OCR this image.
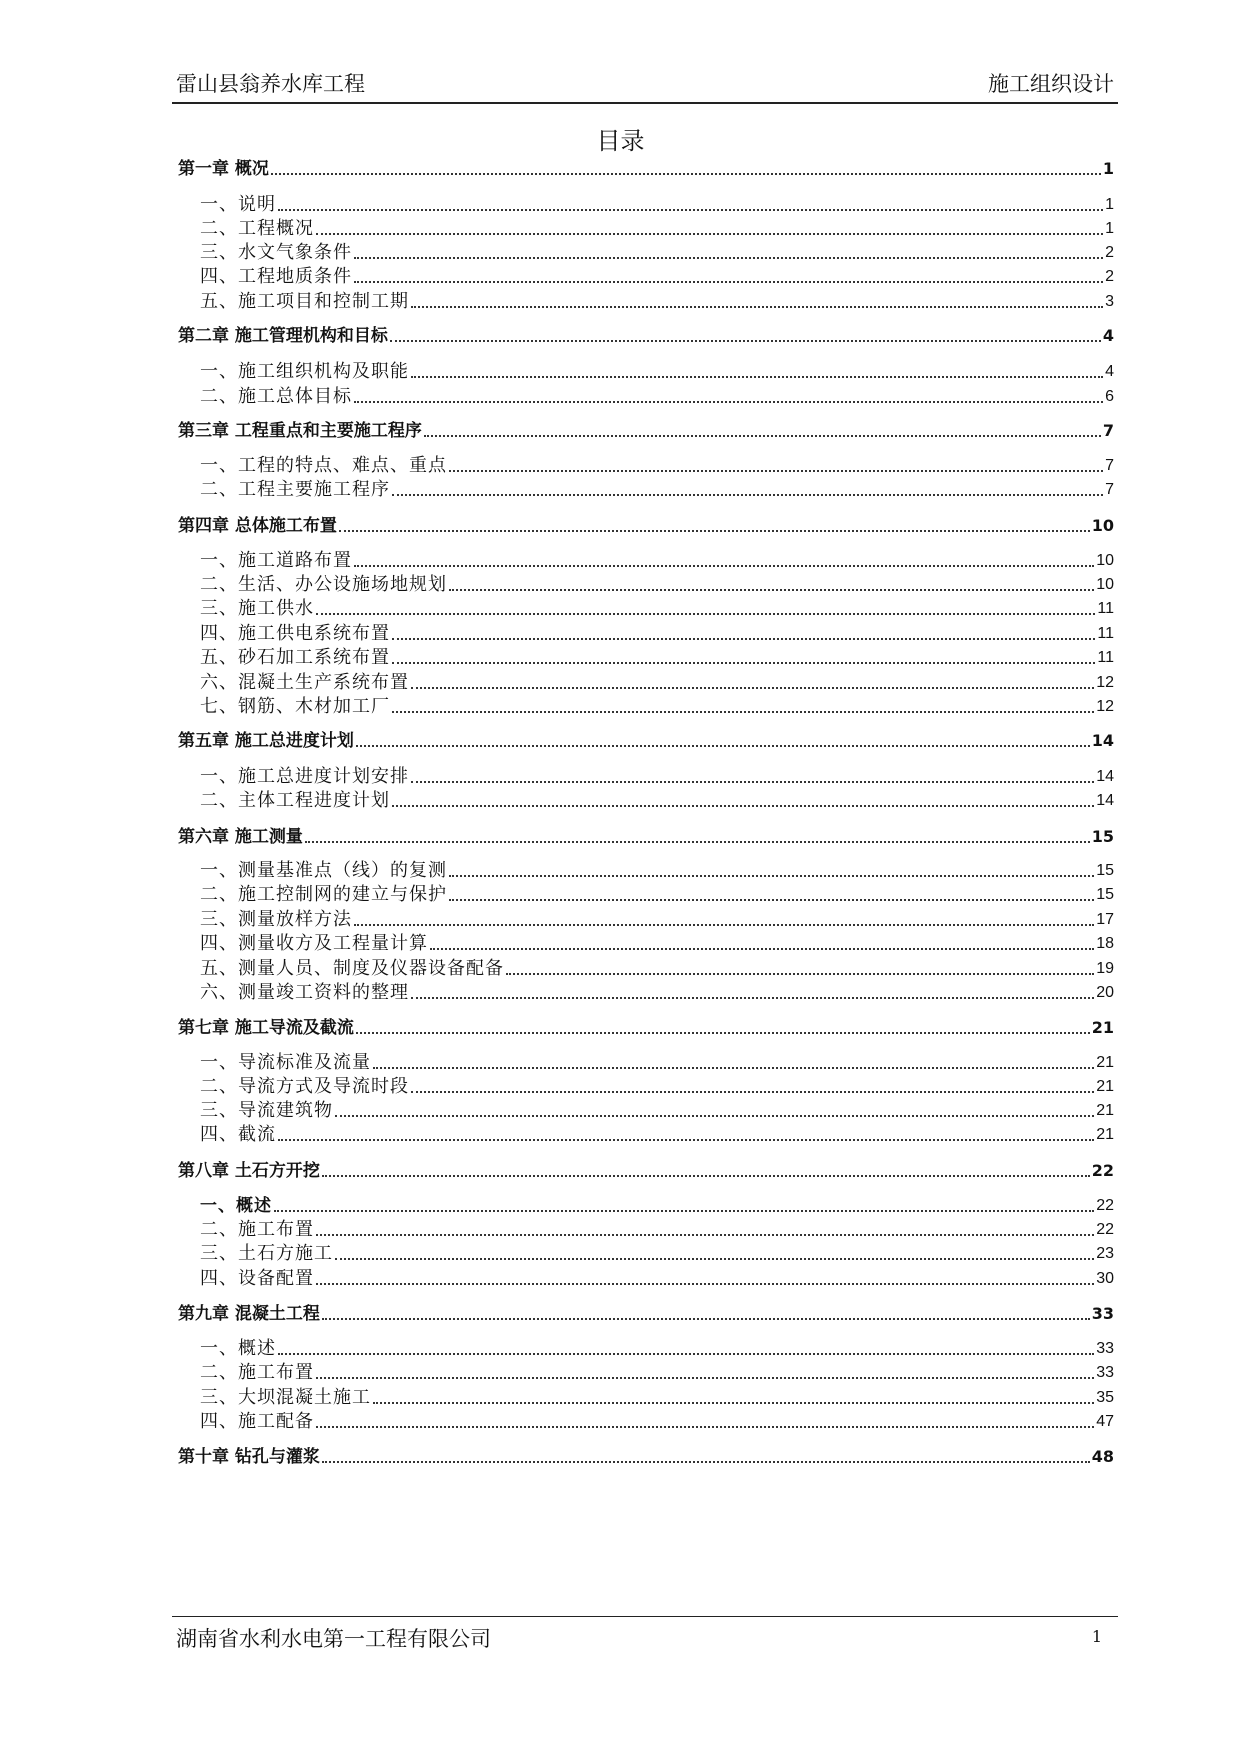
雷山县翁养水库工程	施工组织设计
目录
第一章 概况	1
一、说明	1
二、工程概况	1
三、水文气象条件	2
四、工程地质条件	2
五、施工项目和控制工期	3
第二章 施工管理机构和目标	4
一、施工组织机构及职能	4
二、施工总体目标	6
第三章 工程重点和主要施工程序	7
一、工程的特点、难点、重点	7
二、工程主要施工程序	7
第四章 总体施工布置	10
一、施工道路布置	10
二、生活、办公设施场地规划	10
三、施工供水	11
四、施工供电系统布置	11
五、砂石加工系统布置	11
六、混凝土生产系统布置	12
七、钢筋、木材加工厂	12
第五章 施工总进度计划	14
一、施工总进度计划安排	14
二、主体工程进度计划	14
第六章 施工测量	15
一、测量基准点（线）的复测	15
二、施工控制网的建立与保护	15
三、测量放样方法	17
四、测量收方及工程量计算	18
五、测量人员、制度及仪器设备配备	19
六、测量竣工资料的整理	20
第七章 施工导流及截流	21
一、导流标准及流量	21
二、导流方式及导流时段	21
三、导流建筑物	21
四、截流	21
第八章 土石方开挖	22
一、概述	22
二、施工布置	22
三、土石方施工	23
四、设备配置	30
第九章 混凝土工程	33
一、概述	33
二、施工布置	33
三、大坝混凝土施工	35
四、施工配备	47
第十章 钻孔与灌浆	48
湖南省水利水电第一工程有限公司	1
